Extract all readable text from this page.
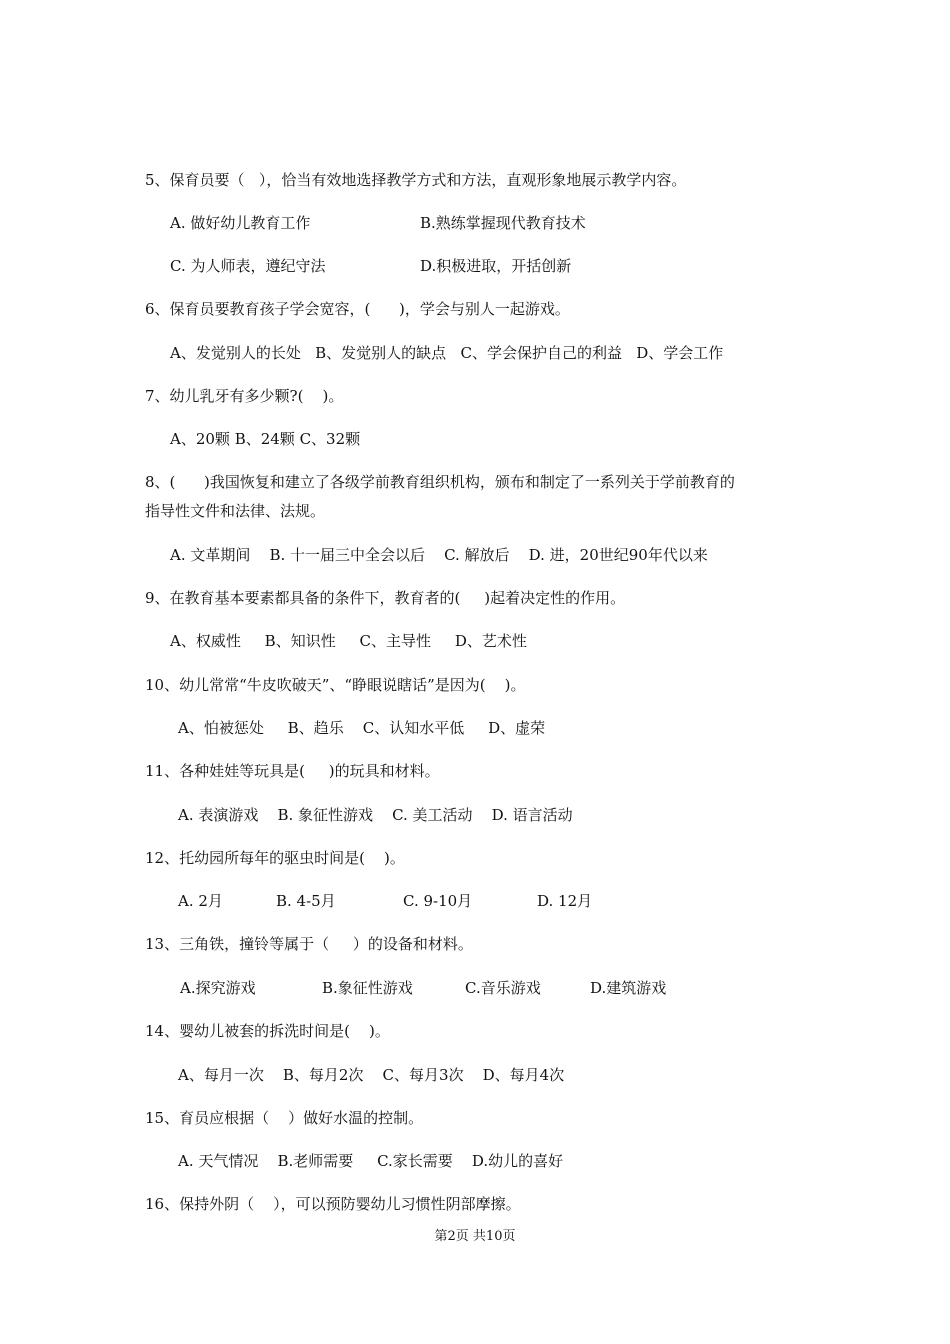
5、保育员要（   ），恰当有效地选择教学方式和方法，直观形象地展示教学内容。

A. 做好幼儿教育工作

	B.熟练掌握现代教育技术

C. 为人师表，遵纪守法

	D.积极进取，开括创新

6、保育员要教育孩子学会宽容，(      )，学会与别人一起游戏。
A、发觉别人的长处   B、发觉别人的缺点   C、学会保护自己的利益   D、学会工作
7、幼儿乳牙有多少颗?(    )。
A、20颗 B、24颗 C、32颗
8、(      )我国恢复和建立了各级学前教育组织机构，颁布和制定了一系列关于学前教育的
指导性文件和法律、法规。
A. 文革期间    B. 十一届三中全会以后    C. 解放后    D. 进，20世纪90年代以来
9、在教育基本要素都具备的条件下，教育者的(     )起着决定性的作用。
A、权威性     B、知识性     C、主导性     D、艺术性
10、幼儿常常“牛皮吹破天”、“睁眼说瞎话”是因为(    )。
A、怕被惩处     B、趋乐    C、认知水平低     D、虚荣
11、各种娃娃等玩具是(     )的玩具和材料。
A. 表演游戏    B. 象征性游戏    C. 美工活动    D. 语言活动
12、托幼园所每年的驱虫时间是(    )。

A. 2月

	B. 4-5月

	C. 9-10月

	D. 12月

13、三角铁，撞铃等属于（     ）的设备和材料。

A.探究游戏

	B.象征性游戏

	C.音乐游戏

	D.建筑游戏

14、婴幼儿被套的拆洗时间是(    )。
A、每月一次    B、每月2次    C、每月3次    D、每月4次
15、育员应根据（    ）做好水温的控制。
A. 天气情况    B.老师需要     C.家长需要    D.幼儿的喜好
16、保持外阴（    ），可以预防婴幼儿习惯性阴部摩擦。
第2页 共10页
